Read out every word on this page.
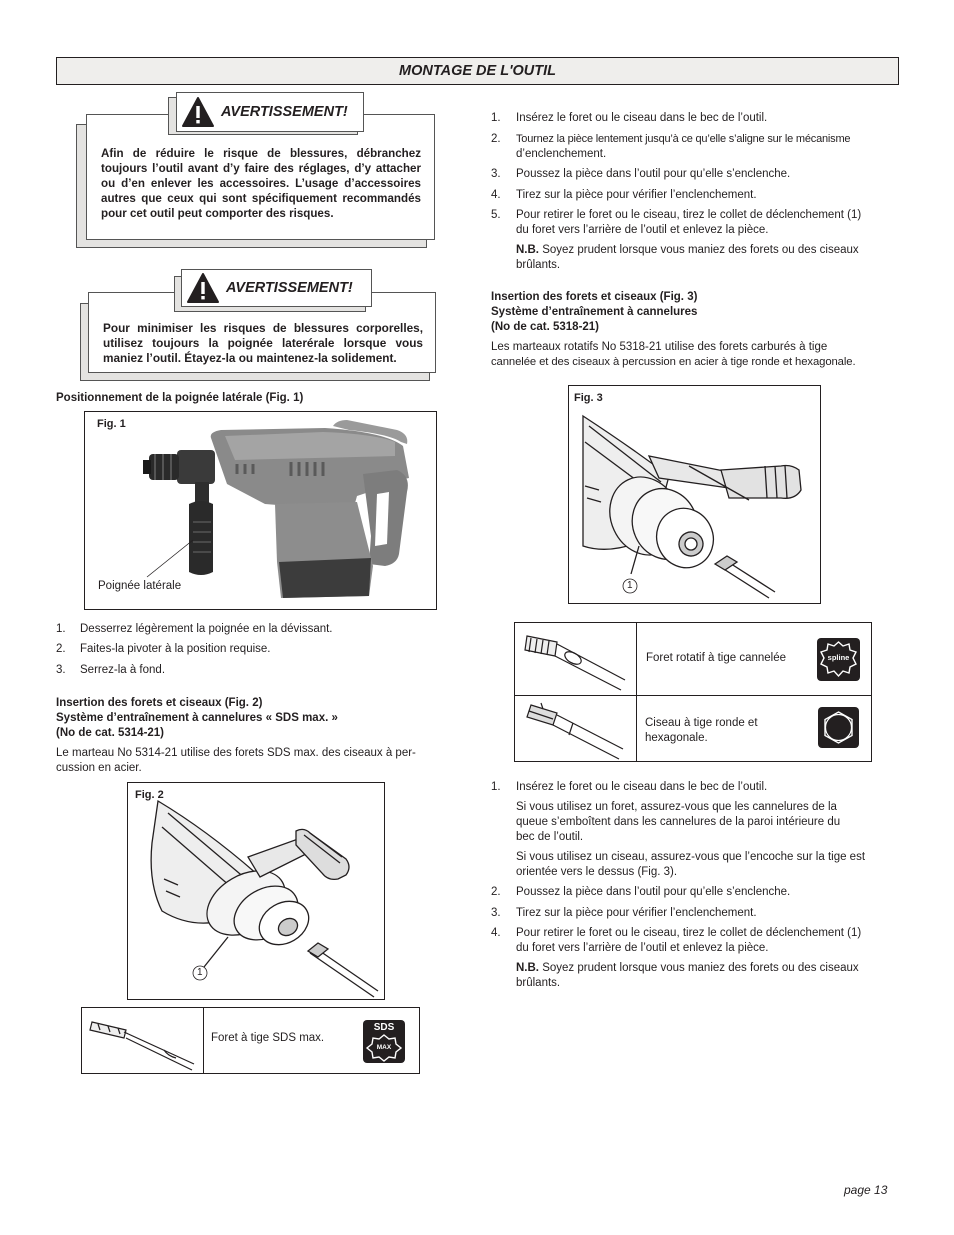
MONTAGE DE L'OUTIL
AVERTISSEMENT!
Afin de réduire le risque de blessures, débranchez toujours l’outil avant d’y faire des réglages, d’y attacher ou d’en enlever les accessoires. L’usage d’accessoires autres que ceux qui sont spécifiquement recommandés pour cet outil peut comporter des risques.
AVERTISSEMENT!
Pour minimiser les risques de blessures corporelles, utilisez toujours la poignée laterérale lorsque vous maniez l’outil. Étayez-la ou maintenez-la solidement.
Positionnement de la poignée latérale (Fig. 1)
Fig. 1
Poignée latérale
1. Desserrez légèrement la poignée en la dévissant.
2. Faites-la pivoter à la position requise.
3. Serrez-la à fond.
Insertion des forets et ciseaux (Fig. 2)
Système d’entraînement à cannelures « SDS max. »
(No de cat. 5314-21)
Le marteau No 5314-21 utilise des forets SDS max. des ciseaux à per-
cussion en acier.
Fig. 2
1
Foret à tige SDS max.
SDS
MAX
1. Insérez le foret ou le ciseau dans le bec de l’outil.
2. Tournez la pièce lentement jusqu’à ce qu’elle s’aligne sur le mécanisme
d’enclenchement.
3. Poussez la pièce dans l’outil pour qu’elle s’enclenche.
4. Tirez sur la pièce pour vérifier l’enclenchement.
5. Pour retirer le foret ou le ciseau, tirez le collet de déclenchement (1)
du foret vers l’arrière de l’outil et enlevez la pièce.
N.B. Soyez prudent lorsque vous maniez des forets ou des ciseaux
brûlants.
Insertion des forets et ciseaux (Fig. 3)
Système d’entraînement à cannelures
(No de cat. 5318-21)
Les marteaux rotatifs No 5318-21 utilise des forets carburés à tige
cannelée et des ciseaux à percussion en acier à tige ronde et hexagonale.
Fig. 3
1
Foret rotatif à tige cannelée	spline
Ciseau à tige ronde et
hexagonale.
1. Insérez le foret ou le ciseau dans le bec de l’outil.
Si vous utilisez un foret, assurez-vous que les cannelures de la
queue s’emboîtent dans les cannelures de la paroi intérieure du
bec de l’outil.
Si vous utilisez un ciseau, assurez-vous que l’encoche sur la tige est
orientée vers le dessus (Fig. 3).
2. Poussez la pièce dans l’outil pour qu’elle s’enclenche.
3. Tirez sur la pièce pour vérifier l’enclenchement.
4. Pour retirer le foret ou le ciseau, tirez le collet de déclenchement (1)
du foret vers l’arrière de l’outil et enlevez la pièce.
N.B. Soyez prudent lorsque vous maniez des forets ou des ciseaux
brûlants.
page 13
